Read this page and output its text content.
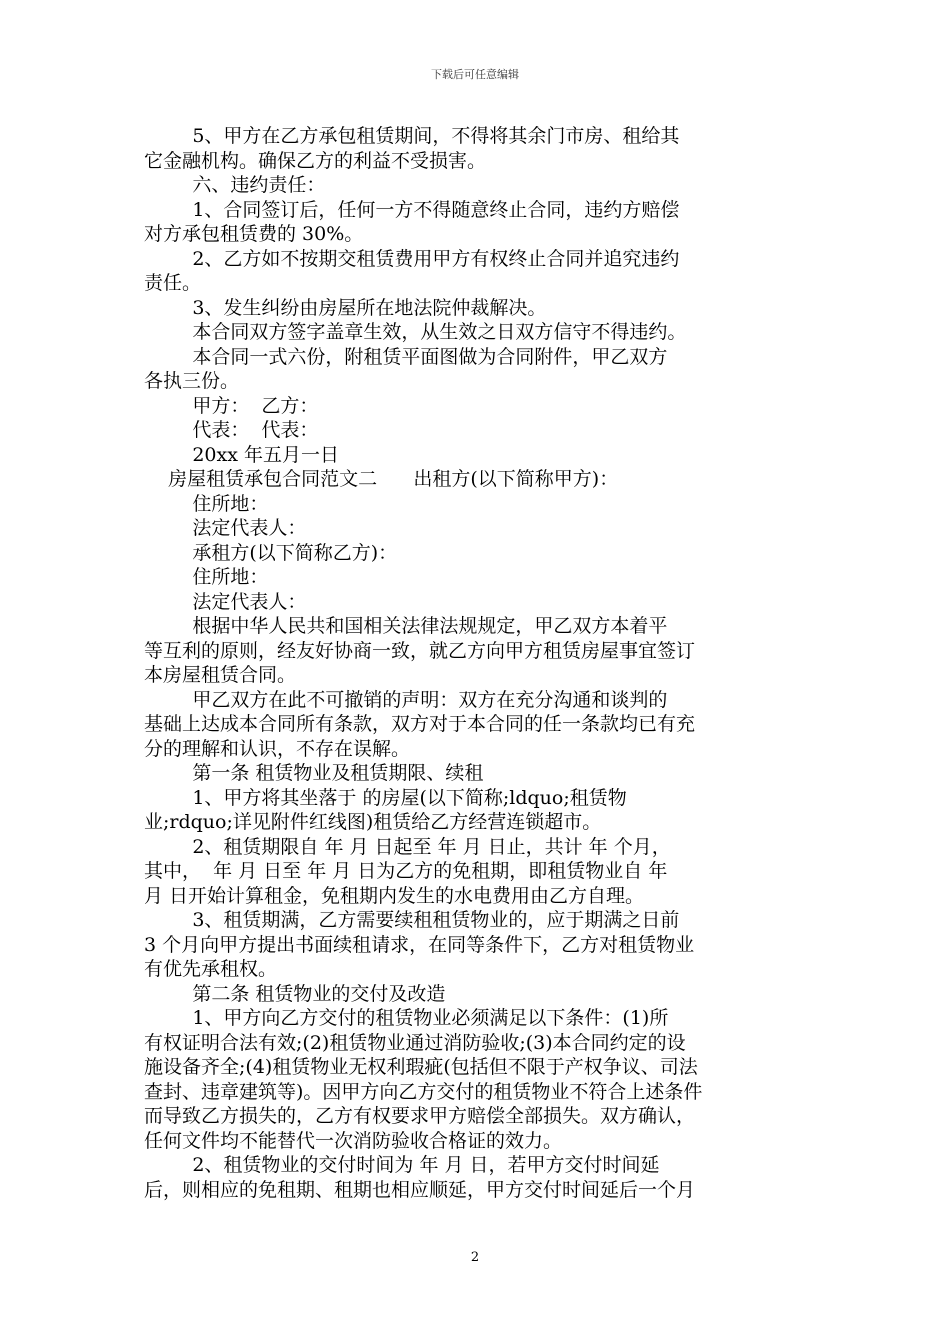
下载后可任意编辑
5、甲方在乙方承包租赁期间，不得将其余门市房、租给其
它金融机构。确保乙方的利益不受损害。
六、违约责任：
1、合同签订后，任何一方不得随意终止合同，违约方赔偿
对方承包租赁费的 30%。
2、乙方如不按期交租赁费用甲方有权终止合同并追究违约
责任。
3、发生纠纷由房屋所在地法院仲裁解决。
本合同双方签字盖章生效，从生效之日双方信守不得违约。
本合同一式六份，附租赁平面图做为合同附件，甲乙双方
各执三份。
甲方：  乙方：
代表：  代表：
20xx 年五月一日
房屋租赁承包合同范文二      出租方(以下简称甲方)：
住所地：
法定代表人：
承租方(以下简称乙方)：
住所地：
法定代表人：
根据中华人民共和国相关法律法规规定，甲乙双方本着平
等互利的原则，经友好协商一致，就乙方向甲方租赁房屋事宜签订
本房屋租赁合同。
甲乙双方在此不可撤销的声明：双方在充分沟通和谈判的
基础上达成本合同所有条款，双方对于本合同的任一条款均已有充
分的理解和认识，不存在误解。
第一条 租赁物业及租赁期限、续租
1、甲方将其坐落于 的房屋(以下简称;ldquo;租赁物
业;rdquo;详见附件红线图)租赁给乙方经营连锁超市。
2、租赁期限自 年 月 日起至 年 月 日止，共计 年 个月，
其中，  年 月 日至 年 月 日为乙方的免租期，即租赁物业自 年
月 日开始计算租金，免租期内发生的水电费用由乙方自理。
3、租赁期满，乙方需要续租租赁物业的，应于期满之日前
3 个月向甲方提出书面续租请求，在同等条件下，乙方对租赁物业
有优先承租权。
第二条 租赁物业的交付及改造
1、甲方向乙方交付的租赁物业必须满足以下条件：(1)所
有权证明合法有效;(2)租赁物业通过消防验收;(3)本合同约定的设
施设备齐全;(4)租赁物业无权利瑕疵(包括但不限于产权争议、司法
查封、违章建筑等)。因甲方向乙方交付的租赁物业不符合上述条件
而导致乙方损失的，乙方有权要求甲方赔偿全部损失。双方确认，
任何文件均不能替代一次消防验收合格证的效力。
2、租赁物业的交付时间为 年 月 日，若甲方交付时间延
后，则相应的免租期、租期也相应顺延，甲方交付时间延后一个月
2
